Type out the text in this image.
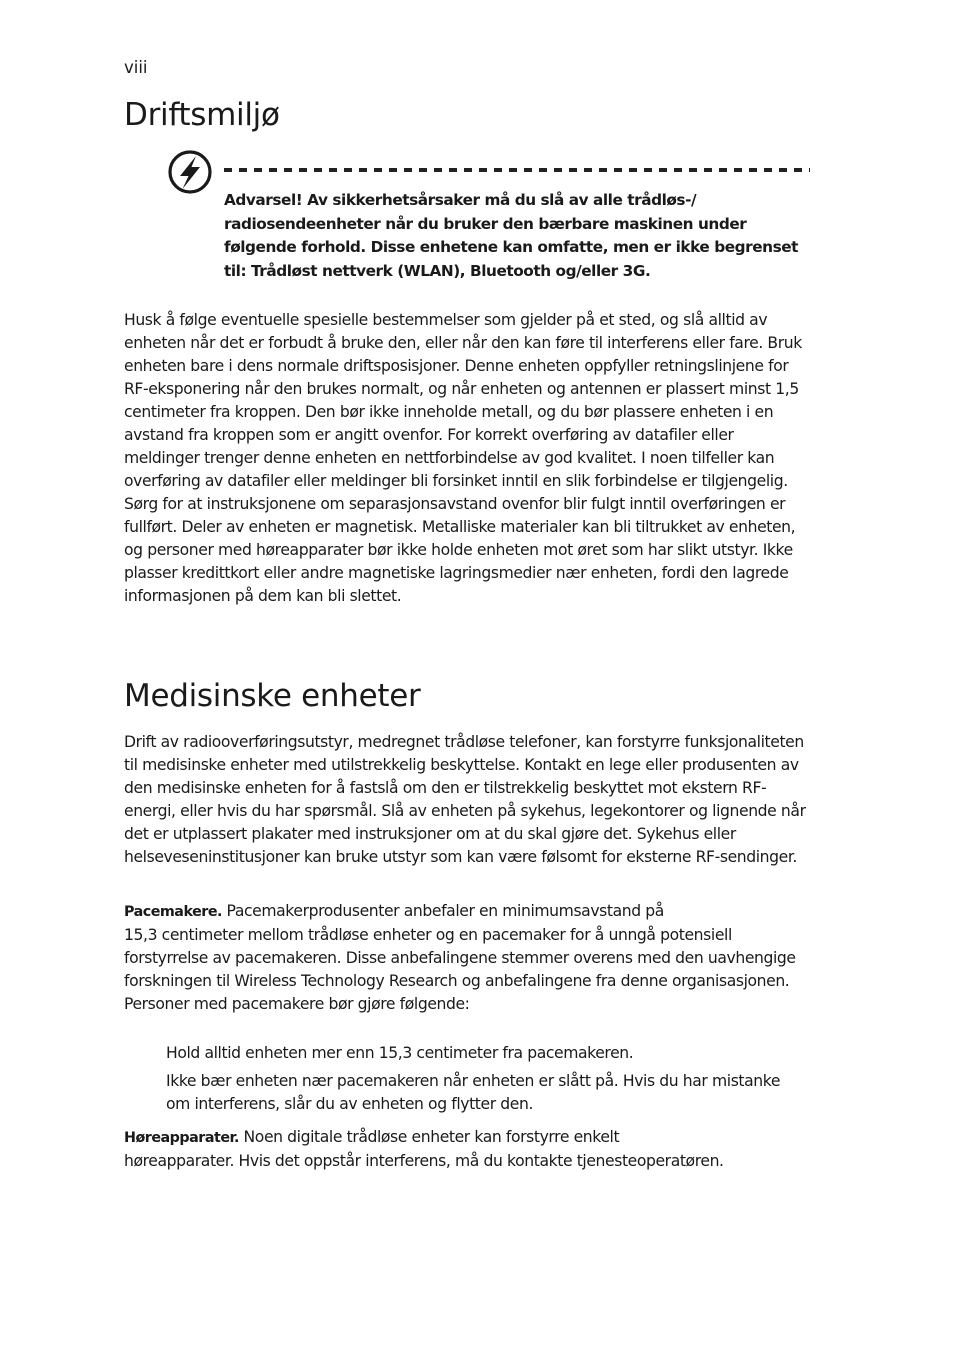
viii
Driftsmiljø

Advarsel! Av sikkerhetsårsaker må du slå av alle trådløs-/ radiosendeenheter når du bruker den bærbare maskinen under følgende forhold. Disse enhetene kan omfatte, men er ikke begrenset til: Trådløst nettverk (WLAN), Bluetooth og/eller 3G.

Husk å følge eventuelle spesielle bestemmelser som gjelder på et sted, og slå alltid av enheten når det er forbudt å bruke den, eller når den kan føre til interferens eller fare. Bruk enheten bare i dens normale driftsposisjoner. Denne enheten oppfyller retningslinjene for RF-eksponering når den brukes normalt, og når enheten og antennen er plassert minst 1,5 centimeter fra kroppen. Den bør ikke inneholde metall, og du bør plassere enheten i en avstand fra kroppen som er angitt ovenfor. For korrekt overføring av datafiler eller meldinger trenger denne enheten en nettforbindelse av god kvalitet. I noen tilfeller kan overføring av datafiler eller meldinger bli forsinket inntil en slik forbindelse er tilgjengelig. Sørg for at instruksjonene om separasjonsavstand ovenfor blir fulgt inntil overføringen er fullført. Deler av enheten er magnetisk. Metalliske materialer kan bli tiltrukket av enheten, og personer med høreapparater bør ikke holde enheten mot øret som har slikt utstyr. Ikke plasser kredittkort eller andre magnetiske lagringsmedier nær enheten, fordi den lagrede informasjonen på dem kan bli slettet.

Medisinske enheter

Drift av radiooverføringsutstyr, medregnet trådløse telefoner, kan forstyrre funksjonaliteten til medisinske enheter med utilstrekkelig beskyttelse. Kontakt en lege eller produsenten av den medisinske enheten for å fastslå om den er tilstrekkelig beskyttet mot ekstern RF-energi, eller hvis du har spørsmål. Slå av enheten på sykehus, legekontorer og lignende når det er utplassert plakater med instruksjoner om at du skal gjøre det. Sykehus eller helseveseninstitusjoner kan bruke utstyr som kan være følsomt for eksterne RF-sendinger.

Pacemakere. Pacemakerprodusenter anbefaler en minimumsavstand på
15,3 centimeter mellom trådløse enheter og en pacemaker for å unngå potensiell forstyrrelse av pacemakeren. Disse anbefalingene stemmer overens med den uavhengige forskningen til Wireless Technology Research og anbefalingene fra denne organisasjonen. Personer med pacemakere bør gjøre følgende:

Hold alltid enheten mer enn 15,3 centimeter fra pacemakeren.
Ikke bær enheten nær pacemakeren når enheten er slått på. Hvis du har mistanke om interferens, slår du av enheten og flytter den.

Høreapparater. Noen digitale trådløse enheter kan forstyrre enkelt
høreapparater. Hvis det oppstår interferens, må du kontakte tjenesteoperatøren.
